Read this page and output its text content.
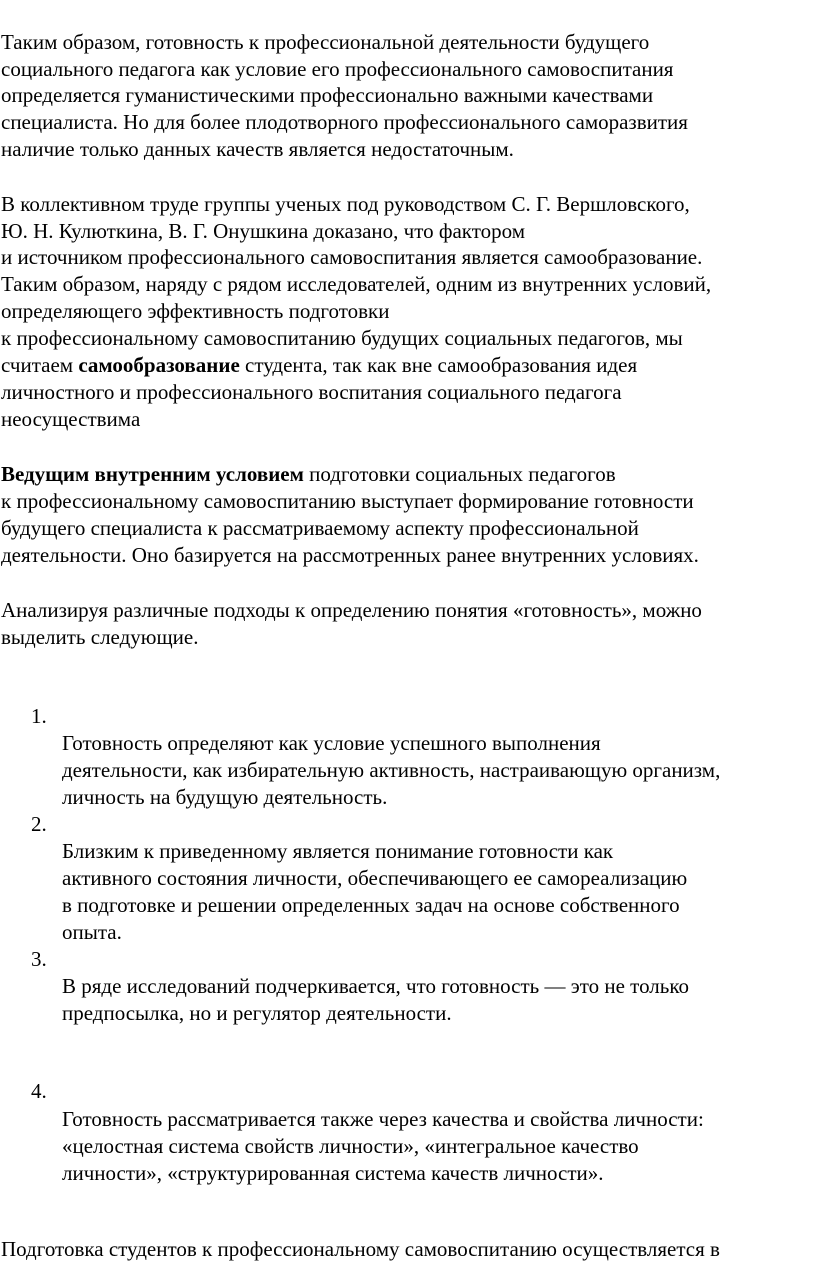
Таким образом, готовность к профессиональной деятельности будущего
социального педагога как условие его профессионального самовоспитания
определяется гуманистическими профессионально важными качествами
специалиста. Но для более плодотворного профессионального саморазвития
наличие только данных качеств является недостаточным.
В коллективном труде группы ученых под руководством С. Г. Вершловского,
Ю. Н. Кулюткина, В. Г. Онушкина доказано, что фактором
и источником профессионального самовоспитания является самообразование.
Таким образом, наряду с рядом исследователей, одним из внутренних условий,
определяющего эффективность подготовки
к профессиональному самовоспитанию будущих социальных педагогов, мы
считаем самообразование студента, так как вне самообразования идея
личностного и профессионального воспитания социального педагога
неосуществима
Ведущим внутренним условием подготовки социальных педагогов
к профессиональному самовоспитанию выступает формирование готовности
будущего специалиста к рассматриваемому аспекту профессиональной
деятельности. Оно базируется на рассмотренных ранее внутренних условиях.
Анализируя различные подходы к определению понятия «готовность», можно
выделить следующие.
1.
Готовность определяют как условие успешного выполнения
деятельности, как избирательную активность, настраивающую организм,
личность на будущую деятельность.
2.
Близким к приведенному является понимание готовности как
активного состояния личности, обеспечивающего ее самореализацию
в подготовке и решении определенных задач на основе собственного
опыта.
3.
В ряде исследований подчеркивается, что готовность — это не только
предпосылка, но и регулятор деятельности.
4.
Готовность рассматривается также через качества и свойства личности:
«целостная система свойств личности», «интегральное качество
личности», «структурированная система качеств личности».
Подготовка студентов к профессиональному самовоспитанию осуществляется в
